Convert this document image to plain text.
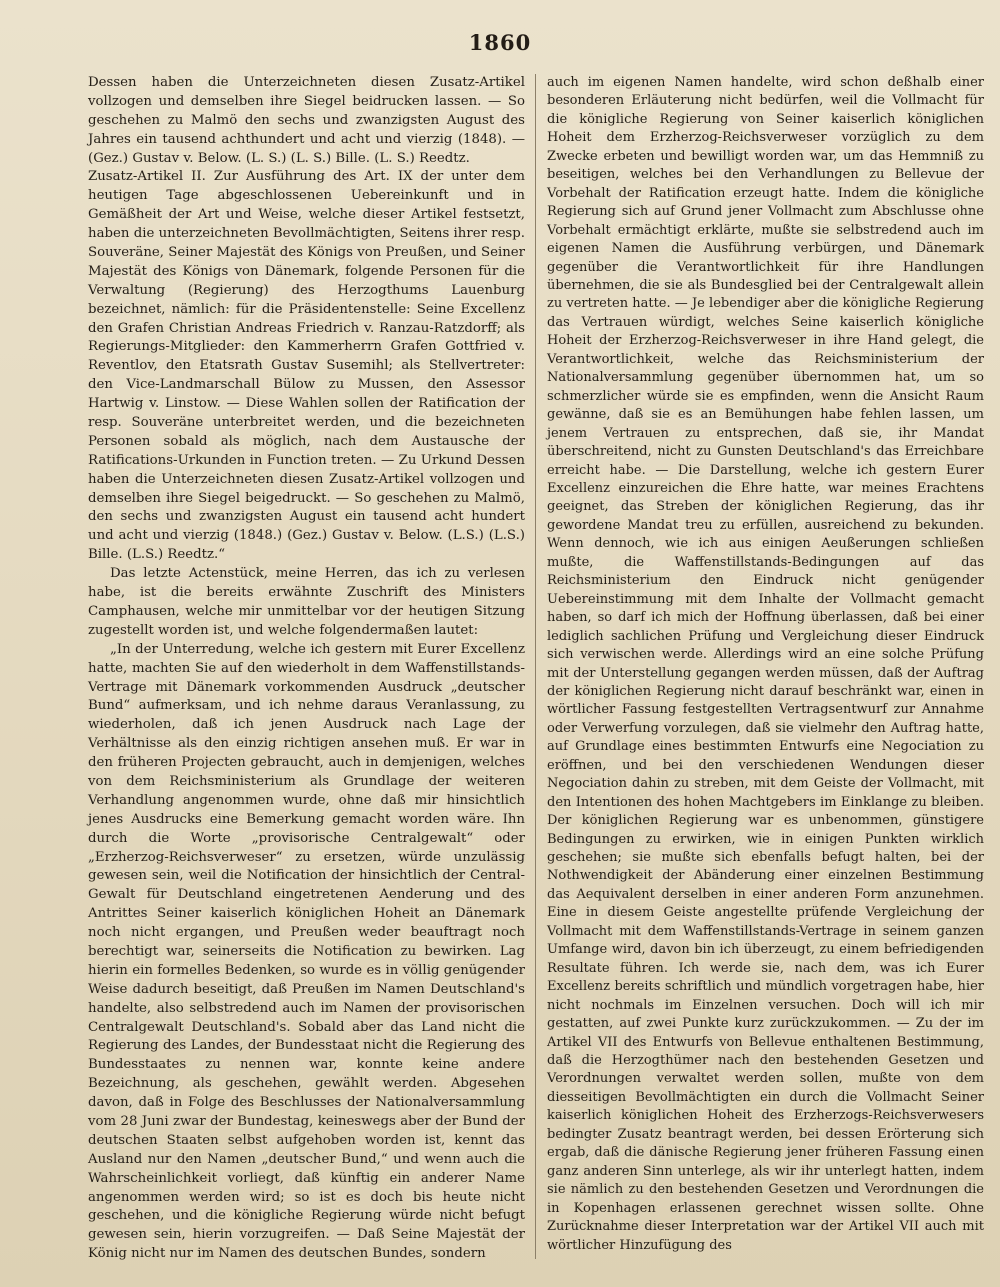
1860

Dessen haben die Unterzeichneten diesen Zusatz-Artikel vollzogen und demselben ihre Siegel beidrucken lassen. — So geschehen zu Malmö den sechs und zwanzigsten August des Jahres ein tausend achthundert und acht und vierzig (1848). — (Gez.) Gustav v. Below. (L. S.) (L. S.) Bille. (L. S.) Reedtz.

Zusatz-Artikel II. Zur Ausführung des Art. IX der unter dem heutigen Tage abgeschlossenen Uebereinkunft und in Gemäßheit der Art und Weise, welche dieser Artikel festsetzt, haben die unterzeichneten Bevollmächtigten, Seitens ihrer resp. Souveräne, Seiner Majestät des Königs von Preußen, und Seiner Majestät des Königs von Dänemark, folgende Personen für die Verwaltung (Regierung) des Herzogthums Lauenburg bezeichnet, nämlich: für die Präsidentenstelle: Seine Excellenz den Grafen Christian Andreas Friedrich v. Ranzau-Ratzdorff; als Regierungs-Mitglieder: den Kammerherrn Grafen Gottfried v. Reventlov, den Etatsrath Gustav Susemihl; als Stellvertreter: den Vice-Landmarschall Bülow zu Mussen, den Assessor Hartwig v. Linstow. — Diese Wahlen sollen der Ratification der resp. Souveräne unterbreitet werden, und die bezeichneten Personen sobald als möglich, nach dem Austausche der Ratifications-Urkunden in Function treten. — Zu Urkund Dessen haben die Unterzeichneten diesen Zusatz-Artikel vollzogen und demselben ihre Siegel beigedruckt. — So geschehen zu Malmö, den sechs und zwanzigsten August ein tausend acht hundert und acht und vierzig (1848.) (Gez.) Gustav v. Below. (L.S.) (L.S.) Bille. (L.S.) Reedtz.“

Das letzte Actenstück, meine Herren, das ich zu verlesen habe, ist die bereits erwähnte Zuschrift des Ministers Camphausen, welche mir unmittelbar vor der heutigen Sitzung zugestellt worden ist, und welche folgendermaßen lautet:

„In der Unterredung, welche ich gestern mit Eurer Excellenz hatte, machten Sie auf den wiederholt in dem Waffenstillstands-Vertrage mit Dänemark vorkommenden Ausdruck „deutscher Bund“ aufmerksam, und ich nehme daraus Veranlassung, zu wiederholen, daß ich jenen Ausdruck nach Lage der Verhältnisse als den einzig richtigen ansehen muß. Er war in den früheren Projecten gebraucht, auch in demjenigen, welches von dem Reichsministerium als Grundlage der weiteren Verhandlung angenommen wurde, ohne daß mir hinsichtlich jenes Ausdrucks eine Bemerkung gemacht worden wäre. Ihn durch die Worte „provisorische Centralgewalt“ oder „Erzherzog-Reichsverweser“ zu ersetzen, würde unzulässig gewesen sein, weil die Notification der hinsichtlich der Central-Gewalt für Deutschland eingetretenen Aenderung und des Antrittes Seiner kaiserlich königlichen Hoheit an Dänemark noch nicht ergangen, und Preußen weder beauftragt noch berechtigt war, seinerseits die Notification zu bewirken. Lag hierin ein formelles Bedenken, so wurde es in völlig genügender Weise dadurch beseitigt, daß Preußen im Namen Deutschland's handelte, also selbstredend auch im Namen der provisorischen Centralgewalt Deutschland's. Sobald aber das Land nicht die Regierung des Landes, der Bundesstaat nicht die Regierung des Bundesstaates zu nennen war, konnte keine andere Bezeichnung, als geschehen, gewählt werden. Abgesehen davon, daß in Folge des Beschlusses der Nationalversammlung vom 28 Juni zwar der Bundestag, keineswegs aber der Bund der deutschen Staaten selbst aufgehoben worden ist, kennt das Ausland nur den Namen „deutscher Bund,“ und wenn auch die Wahrscheinlichkeit vorliegt, daß künftig ein anderer Name angenommen werden wird; so ist es doch bis heute nicht geschehen, und die königliche Regierung würde nicht befugt gewesen sein, hierin vorzugreifen. — Daß Seine Majestät der König nicht nur im Namen des deutschen Bundes, sondern

auch im eigenen Namen handelte, wird schon deßhalb einer besonderen Erläuterung nicht bedürfen, weil die Vollmacht für die königliche Regierung von Seiner kaiserlich königlichen Hoheit dem Erzherzog-Reichsverweser vorzüglich zu dem Zwecke erbeten und bewilligt worden war, um das Hemmniß zu beseitigen, welches bei den Verhandlungen zu Bellevue der Vorbehalt der Ratification erzeugt hatte. Indem die königliche Regierung sich auf Grund jener Vollmacht zum Abschlusse ohne Vorbehalt ermächtigt erklärte, mußte sie selbstredend auch im eigenen Namen die Ausführung verbürgen, und Dänemark gegenüber die Verantwortlichkeit für ihre Handlungen übernehmen, die sie als Bundesglied bei der Centralgewalt allein zu vertreten hatte. — Je lebendiger aber die königliche Regierung das Vertrauen würdigt, welches Seine kaiserlich königliche Hoheit der Erzherzog-Reichsverweser in ihre Hand gelegt, die Verantwortlichkeit, welche das Reichsministerium der Nationalversammlung gegenüber übernommen hat, um so schmerzlicher würde sie es empfinden, wenn die Ansicht Raum gewänne, daß sie es an Bemühungen habe fehlen lassen, um jenem Vertrauen zu entsprechen, daß sie, ihr Mandat überschreitend, nicht zu Gunsten Deutschland's das Erreichbare erreicht habe. — Die Darstellung, welche ich gestern Eurer Excellenz einzureichen die Ehre hatte, war meines Erachtens geeignet, das Streben der königlichen Regierung, das ihr gewordene Mandat treu zu erfüllen, ausreichend zu bekunden. Wenn dennoch, wie ich aus einigen Aeußerungen schließen mußte, die Waffenstillstands-Bedingungen auf das Reichsministerium den Eindruck nicht genügender Uebereinstimmung mit dem Inhalte der Vollmacht gemacht haben, so darf ich mich der Hoffnung überlassen, daß bei einer lediglich sachlichen Prüfung und Vergleichung dieser Eindruck sich verwischen werde. Allerdings wird an eine solche Prüfung mit der Unterstellung gegangen werden müssen, daß der Auftrag der königlichen Regierung nicht darauf beschränkt war, einen in wörtlicher Fassung festgestellten Vertragsentwurf zur Annahme oder Verwerfung vorzulegen, daß sie vielmehr den Auftrag hatte, auf Grundlage eines bestimmten Entwurfs eine Negociation zu eröffnen, und bei den verschiedenen Wendungen dieser Negociation dahin zu streben, mit dem Geiste der Vollmacht, mit den Intentionen des hohen Machtgebers im Einklange zu bleiben. Der königlichen Regierung war es unbenommen, günstigere Bedingungen zu erwirken, wie in einigen Punkten wirklich geschehen; sie mußte sich ebenfalls befugt halten, bei der Nothwendigkeit der Abänderung einer einzelnen Bestimmung das Aequivalent derselben in einer anderen Form anzunehmen. Eine in diesem Geiste angestellte prüfende Vergleichung der Vollmacht mit dem Waffenstillstands-Vertrage in seinem ganzen Umfange wird, davon bin ich überzeugt, zu einem befriedigenden Resultate führen. Ich werde sie, nach dem, was ich Eurer Excellenz bereits schriftlich und mündlich vorgetragen habe, hier nicht nochmals im Einzelnen versuchen. Doch will ich mir gestatten, auf zwei Punkte kurz zurückzukommen. — Zu der im Artikel VII des Entwurfs von Bellevue enthaltenen Bestimmung, daß die Herzogthümer nach den bestehenden Gesetzen und Verordnungen verwaltet werden sollen, mußte von dem diesseitigen Bevollmächtigten ein durch die Vollmacht Seiner kaiserlich königlichen Hoheit des Erzherzogs-Reichsverwesers bedingter Zusatz beantragt werden, bei dessen Erörterung sich ergab, daß die dänische Regierung jener früheren Fassung einen ganz anderen Sinn unterlege, als wir ihr unterlegt hatten, indem sie nämlich zu den bestehenden Gesetzen und Verordnungen die in Kopenhagen erlassenen gerechnet wissen sollte. Ohne Zurücknahme dieser Interpretation war der Artikel VII auch mit wörtlicher Hinzufügung des
